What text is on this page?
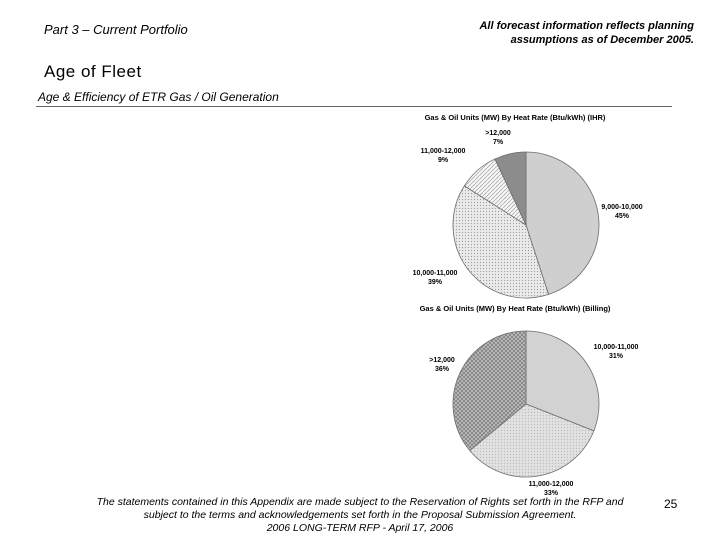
Part 3 – Current Portfolio	All forecast information reflects planning
assumptions as of December 2005.
Age of Fleet
Age & Efficiency of ETR Gas / Oil Generation
Gas & Oil Units (MW) By Heat Rate (Btu/kWh) (IHR)
Gas & Oil Units (MW) By Heat Rate (Btu/kWh) (Billing)
9,000-10,000
45%
10,000-11,000
39%
11,000-12,000
9%
>12,000
7%
10,000-11,000
31%
11,000-12,000
33%
>12,000
36%
The statements contained in this Appendix are made subject to the Reservation of Rights set forth in the RFP and
subject to the terms and acknowledgements set forth in the Proposal Submission Agreement.
2006 LONG-TERM RFP - April 17, 2006
25
